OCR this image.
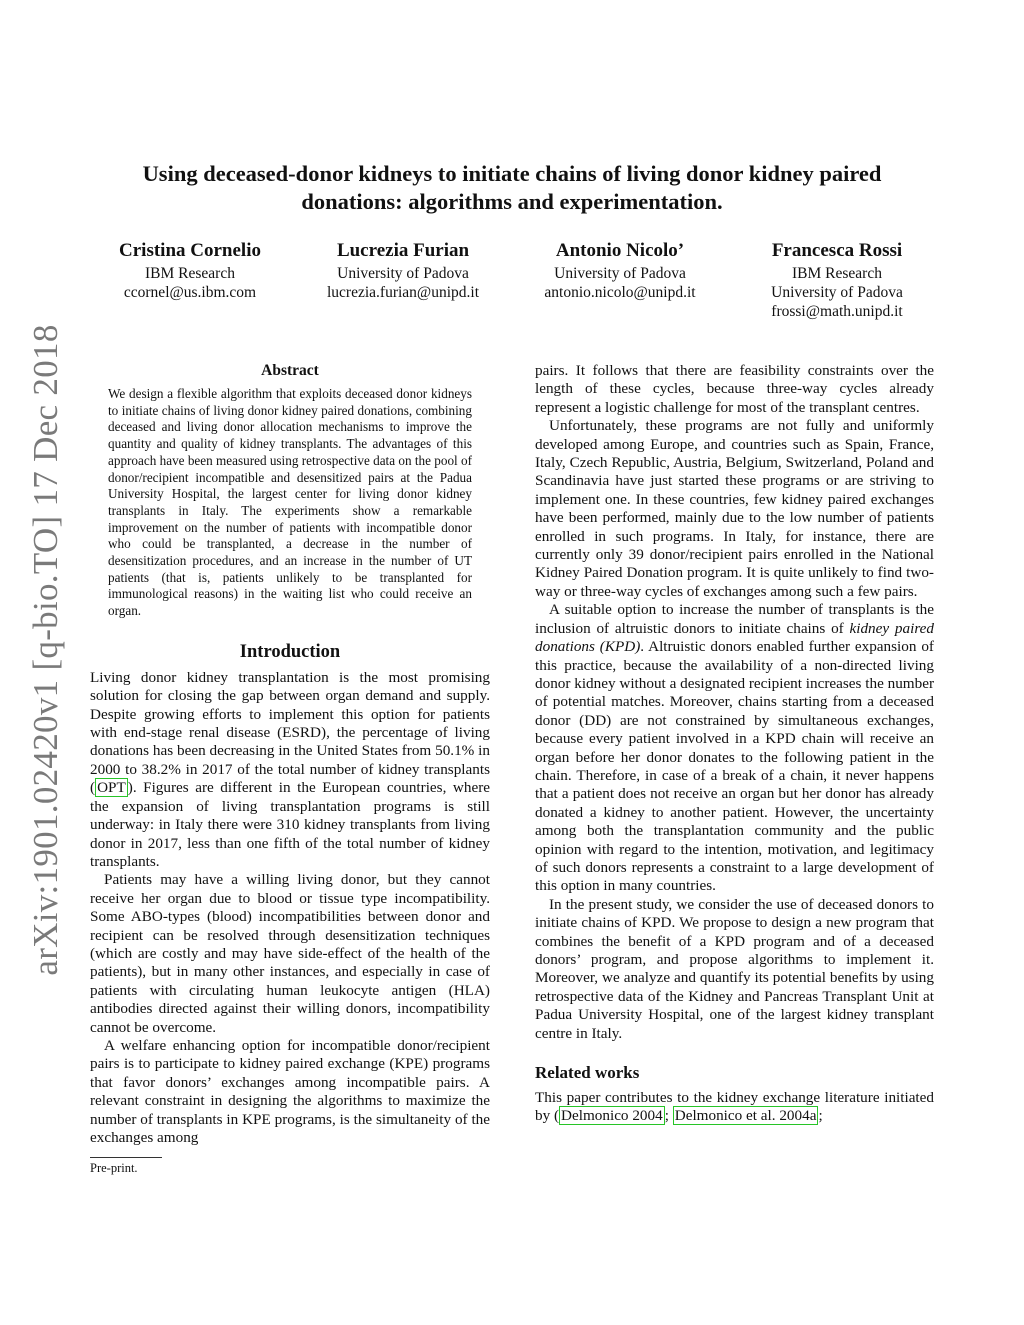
arXiv:1901.02420v1 [q-bio.TO] 17 Dec 2018
Using deceased-donor kidneys to initiate chains of living donor kidney paired donations: algorithms and experimentation.
Cristina Cornelio
IBM Research
ccornel@us.ibm.com
Lucrezia Furian
University of Padova
lucrezia.furian@unipd.it
Antonio Nicolo’
University of Padova
antonio.nicolo@unipd.it
Francesca Rossi
IBM Research
University of Padova
frossi@math.unipd.it
Abstract
We design a flexible algorithm that exploits deceased donor kidneys to initiate chains of living donor kidney paired donations, combining deceased and living donor allocation mechanisms to improve the quantity and quality of kidney transplants. The advantages of this approach have been measured using retrospective data on the pool of donor/recipient incompatible and desensitized pairs at the Padua University Hospital, the largest center for living donor kidney transplants in Italy. The experiments show a remarkable improvement on the number of patients with incompatible donor who could be transplanted, a decrease in the number of desensitization procedures, and an increase in the number of UT patients (that is, patients unlikely to be transplanted for immunological reasons) in the waiting list who could receive an organ.
Introduction

Living donor kidney transplantation is the most promising solution for closing the gap between organ demand and supply. Despite growing efforts to implement this option for patients with end-stage renal disease (ESRD), the percentage of living donations has been decreasing in the United States from 50.1% in 2000 to 38.2% in 2017 of the total number of kidney transplants ( OPT ). Figures are different in the European countries, where the expansion of living transplantation programs is still underway: in Italy there were 310 kidney transplants from living donor in 2017, less than one fifth of the total number of kidney transplants.

Patients may have a willing living donor, but they cannot receive her organ due to blood or tissue type incompatibility. Some ABO-types (blood) incompatibilities between donor and recipient can be resolved through desensitization techniques (which are costly and may have side-effect of the health of the patients), but in many other instances, and especially in case of patients with circulating human leukocyte antigen (HLA) antibodies directed against their willing donors, incompatibility cannot be overcome.

A welfare enhancing option for incompatible donor/recipient pairs is to participate to kidney paired exchange (KPE) programs that favor donors’ exchanges among incompatible pairs. A relevant constraint in designing the algorithms to maximize the number of transplants in KPE programs, is the simultaneity of the exchanges among

Pre-print.

pairs. It follows that there are feasibility constraints over the length of these cycles, because three-way cycles already represent a logistic challenge for most of the transplant centres.

Unfortunately, these programs are not fully and uniformly developed among Europe, and countries such as Spain, France, Italy, Czech Republic, Austria, Belgium, Switzerland, Poland and Scandinavia have just started these programs or are striving to implement one. In these countries, few kidney paired exchanges have been performed, mainly due to the low number of patients enrolled in such programs. In Italy, for instance, there are currently only 39 donor/recipient pairs enrolled in the National Kidney Paired Donation program. It is quite unlikely to find two-way or three-way cycles of exchanges among such a few pairs.

A suitable option to increase the number of transplants is the inclusion of altruistic donors to initiate chains of kidney paired donations (KPD). Altruistic donors enabled further expansion of this practice, because the availability of a non-directed living donor kidney without a designated recipient increases the number of potential matches. Moreover, chains starting from a deceased donor (DD) are not constrained by simultaneous exchanges, because every patient involved in a KPD chain will receive an organ before her donor donates to the following patient in the chain. Therefore, in case of a break of a chain, it never happens that a patient does not receive an organ but her donor has already donated a kidney to another patient. However, the uncertainty among both the transplantation community and the public opinion with regard to the intention, motivation, and legitimacy of such donors represents a constraint to a large development of this option in many countries.

In the present study, we consider the use of deceased donors to initiate chains of KPD. We propose to design a new program that combines the benefit of a KPD program and of a deceased donors’ program, and propose algorithms to implement it. Moreover, we analyze and quantify its potential benefits by using retrospective data of the Kidney and Pancreas Transplant Unit at Padua University Hospital, one of the largest kidney transplant centre in Italy.

Related works

This paper contributes to the kidney exchange literature initiated by ( Delmonico 2004 ; Delmonico et al. 2004a ;
